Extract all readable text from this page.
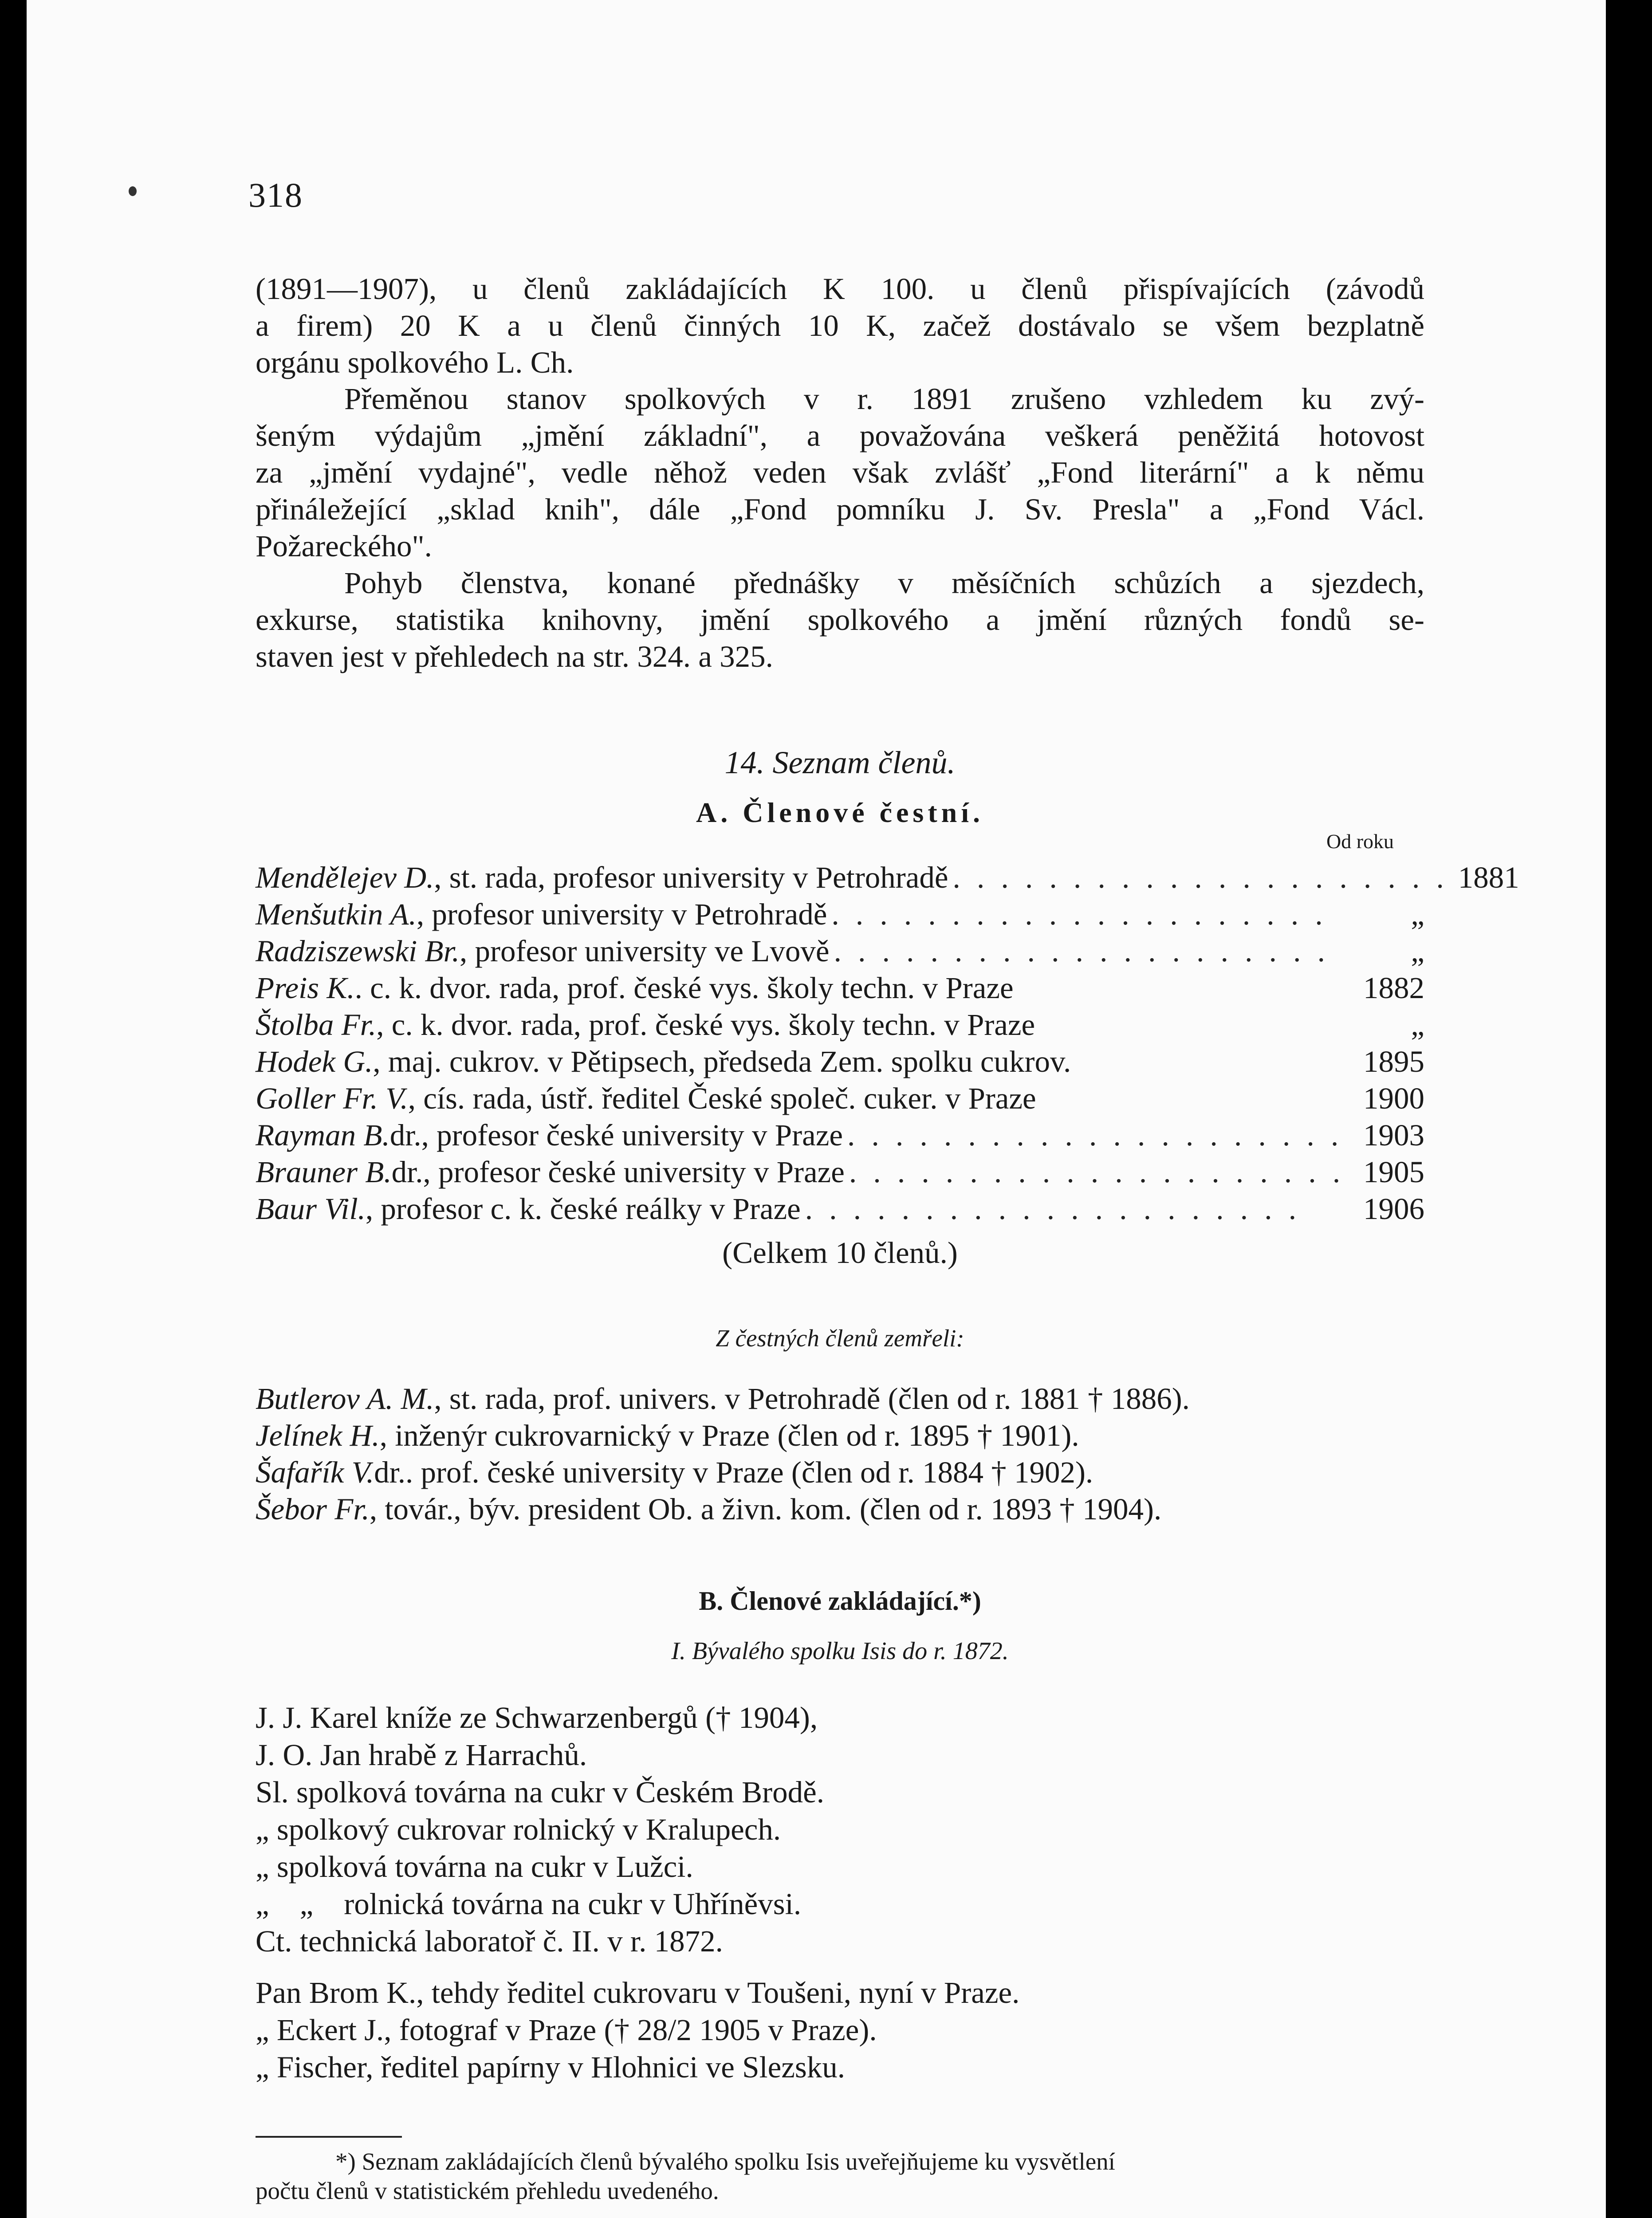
318
(1891—1907), u členů zakládajících K 100. u členů přispívajících (závodů
a firem) 20 K a u členů činných 10 K, začež dostávalo se všem bezplatně
orgánu spolkového L. Ch.
Přeměnou stanov spolkových v r. 1891 zrušeno vzhledem ku zvý-
šeným výdajům „jmění základní", a považována veškerá peněžitá hotovost
za „jmění vydajné", vedle něhož veden však zvlášť „Fond literární" a k němu
přináležející „sklad knih", dále „Fond pomníku J. Sv. Presla" a „Fond Václ.
Požareckého".
Pohyb členstva, konané přednášky v měsíčních schůzích a sjezdech,
exkurse, statistika knihovny, jmění spolkového a jmění různých fondů se-
staven jest v přehledech na str. 324. a 325.
14. Seznam členů.
A. Členové čestní.
Od roku
Mendělejev D. , st. rada, profesor university v Petrohradě . . . . . . . . . . . . . . . . . . . . . 1881
Menšutkin A. , profesor university v Petrohradě . . . . . . . . . . . . . . . . . . . . .	„
Radziszewski Br. , profesor university ve Lvově . . . . . . . . . . . . . . . . . . . . .	„
Preis K. . c. k. dvor. rada, prof. české vys. školy techn. v Praze	1882
Štolba Fr. , c. k. dvor. rada, prof. české vys. školy techn. v Praze	„
Hodek G. , maj. cukrov. v Pětipsech, předseda Zem. spolku cukrov.	1895
Goller Fr. V. , cís. rada, ústř. ředitel České společ. cuker. v Praze	1900
Rayman B. dr., profesor české university v Praze . . . . . . . . . . . . . . . . . . . . . 1903
Brauner B. dr., profesor české university v Praze . . . . . . . . . . . . . . . . . . . . . 1905
Baur Vil. , profesor c. k. české reálky v Praze . . . . . . . . . . . . . . . . . . . . .	1906
(Celkem 10 členů.)
Z čestných členů zemřeli:
Butlerov A. M. , st. rada, prof. univers. v Petrohradě (člen od r. 1881 † 1886).
Jelínek H. , inženýr cukrovarnický v Praze (člen od r. 1895 † 1901).
Šafařík V. dr.. prof. české university v Praze (člen od r. 1884 † 1902).
Šebor Fr. , továr., býv. president Ob. a živn. kom. (člen od r. 1893 † 1904).
B. Členové zakládající.*)
I. Bývalého spolku Isis do r. 1872.
J. J. Karel kníže ze Schwarzenbergů († 1904),
J. O. Jan hrabě z Harrachů.
Sl. spolková továrna na cukr v Českém Brodě.
„ spolkový cukrovar rolnický v Kralupech.
„ spolková továrna na cukr v Lužci.
„    „    rolnická továrna na cukr v Uhříněvsi.
Ct. technická laboratoř č. II. v r. 1872.
Pan Brom K., tehdy ředitel cukrovaru v Toušeni, nyní v Praze.
„ Eckert J., fotograf v Praze († 28/2 1905 v Praze).
„ Fischer, ředitel papírny v Hlohnici ve Slezsku.
*) Seznam zakládajících členů bývalého spolku Isis uveřejňujeme ku vysvětlení
počtu členů v statistickém přehledu uvedeného.
